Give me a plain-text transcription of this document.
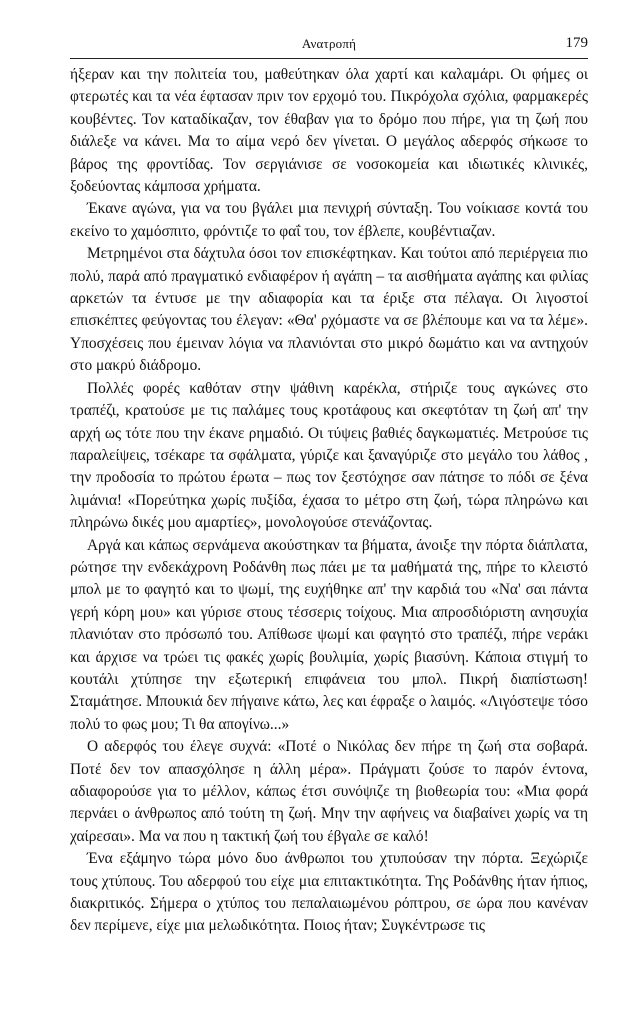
Ανατροπή	179

ήξεραν και την πολιτεία του, μαθεύτηκαν όλα χαρτί και καλαμάρι. Οι φήμες οι φτερωτές και τα νέα έφτασαν πριν τον ερχομό του. Πικρόχολα σχόλια, φαρμακερές κουβέντες. Τον καταδίκαζαν, τον έθαβαν για το δρόμο που πήρε, για τη ζωή που διάλεξε να κάνει. Μα το αίμα νερό δεν γίνεται. Ο μεγάλος αδερφός σήκωσε το βάρος της φροντίδας. Τον σεργιάνισε σε νοσοκομεία και ιδιωτικές κλινικές, ξοδεύοντας κάμποσα χρήματα.

Έκανε αγώνα, για να του βγάλει μια πενιχρή σύνταξη. Του νοίκιασε κοντά του εκείνο το χαμόσπιτο, φρόντιζε το φαΐ του, τον έβλεπε, κουβέντιαζαν.

Μετρημένοι στα δάχτυλα όσοι τον επισκέφτηκαν. Και τούτοι από περιέργεια πιο πολύ, παρά από πραγματικό ενδιαφέρον ή αγάπη – τα αισθήματα αγάπης και φιλίας αρκετών τα έντυσε με την αδιαφορία και τα έριξε στα πέλαγα. Οι λιγοστοί επισκέπτες φεύγοντας του έλεγαν: «Θα' ρχόμαστε να σε βλέπουμε και να τα λέμε». Υποσχέσεις που έμειναν λόγια να πλανιόνται στο μικρό δωμάτιο και να αντηχούν στο μακρύ διάδρομο.

Πολλές φορές καθόταν στην ψάθινη καρέκλα, στήριζε τους αγκώνες στο τραπέζι, κρατούσε με τις παλάμες τους κροτάφους και σκεφτόταν τη ζωή απ' την αρχή ως τότε που την έκανε ρημαδιό. Οι τύψεις βαθιές δαγκωματιές. Μετρούσε τις παραλείψεις, τσέκαρε τα σφάλματα, γύριζε και ξαναγύριζε στο μεγάλο του λάθος , την προδοσία το πρώτου έρωτα – πως τον ξεστόχησε σαν πάτησε το πόδι σε ξένα λιμάνια! «Πορεύτηκα χωρίς πυξίδα, έχασα το μέτρο στη ζωή, τώρα πληρώνω και πληρώνω δικές μου αμαρτίες», μονολογούσε στενάζοντας.

Αργά και κάπως σερνάμενα ακούστηκαν τα βήματα, άνοιξε την πόρτα διάπλατα, ρώτησε την ενδεκάχρονη Ροδάνθη πως πάει με τα μαθήματά της, πήρε το κλειστό μπολ με το φαγητό και το ψωμί, της ευχήθηκε απ' την καρδιά του «Να' σαι πάντα γερή κόρη μου» και γύρισε στους τέσσερις τοίχους. Μια απροσδιόριστη ανησυχία πλανιόταν στο πρόσωπό του. Απίθωσε ψωμί και φαγητό στο τραπέζι, πήρε νεράκι και άρχισε να τρώει τις φακές χωρίς βουλιμία, χωρίς βιασύνη. Κάποια στιγμή το κουτάλι χτύπησε την εξωτερική επιφάνεια του μπολ. Πικρή διαπίστωση! Σταμάτησε. Μπουκιά δεν πήγαινε κάτω, λες και έφραξε ο λαιμός. «Λιγόστεψε τόσο πολύ το φως μου; Τι θα απογίνω...»

Ο αδερφός του έλεγε συχνά: «Ποτέ ο Νικόλας δεν πήρε τη ζωή στα σοβαρά. Ποτέ δεν τον απασχόλησε η άλλη μέρα». Πράγματι ζούσε το παρόν έντονα, αδιαφορούσε για το μέλλον, κάπως έτσι συνόψιζε τη βιοθεωρία του: «Μια φορά περνάει ο άνθρωπος από τούτη τη ζωή. Μην την αφήνεις να διαβαίνει χωρίς να τη χαίρεσαι». Μα να που η τακτική ζωή του έβγαλε σε καλό!

Ένα εξάμηνο τώρα μόνο δυο άνθρωποι του χτυπούσαν την πόρτα. Ξεχώριζε τους χτύπους. Του αδερφού του είχε μια επιτακτικότητα. Της Ροδάνθης ήταν ήπιος, διακριτικός. Σήμερα ο χτύπος του πεπαλαιωμένου ρόπτρου, σε ώρα που κανέναν δεν περίμενε, είχε μια μελωδικότητα. Ποιος ήταν; Συγκέντρωσε τις
